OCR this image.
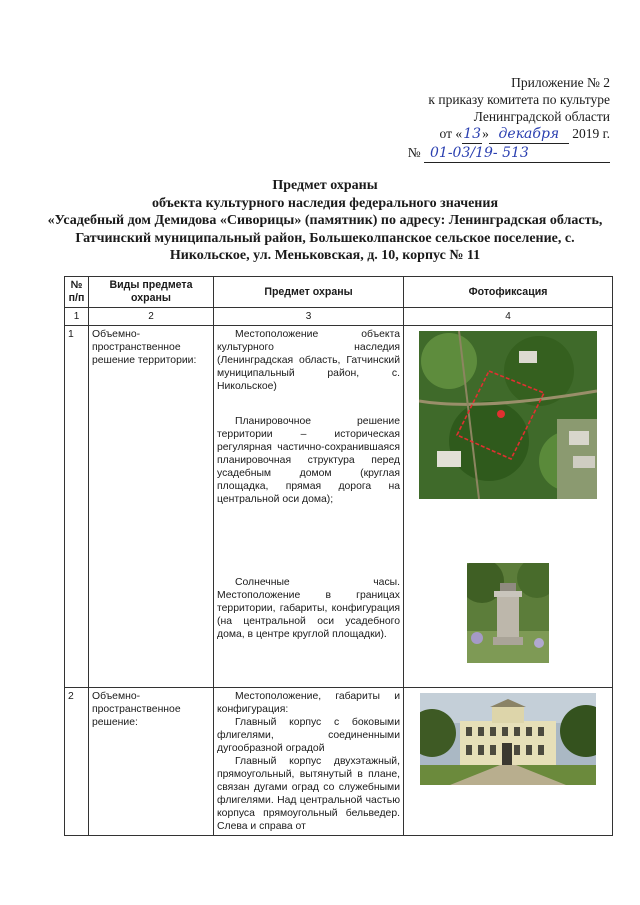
Приложение № 2
к приказу комитета по культуре
Ленинградской области
от «13» декабря 2019 г.
№ 01-03/19- 513
Предмет охраны
объекта культурного наследия федерального значения
«Усадебный дом Демидова «Сиворицы» (памятник) по адресу: Ленинградская область, Гатчинский муниципальный район, Большеколпанское сельское поселение, с. Никольское, ул. Меньковская, д. 10, корпус № 11
№ п/п	Виды предмета охраны	Предмет охраны	Фотофиксация
1	2	3	4
1	Объемно-пространственное решение территории:	Местоположение объекта культурного наследия (Ленинградская область, Гатчинский муниципальный район, с. Никольское)

Планировочное решение территории – историческая регулярная частично-сохранившаяся планировочная структура перед усадебным домом (круглая площадка, прямая дорога на центральной оси дома);

Солнечные часы. Местоположение в границах территории, габариты, конфигурация (на центральной оси усадебного дома, в центре круглой площадки).

2	Объемно-пространственное решение:	Местоположение, габариты и конфигурация:

Главный корпус с боковыми флигелями, соединенными дугообразной оградой

Главный корпус двухэтажный, прямоугольный, вытянутый в плане, связан дугами оград со служебными флигелями. Над центральной частью корпуса прямоугольный бельведер. Слева и справа от
